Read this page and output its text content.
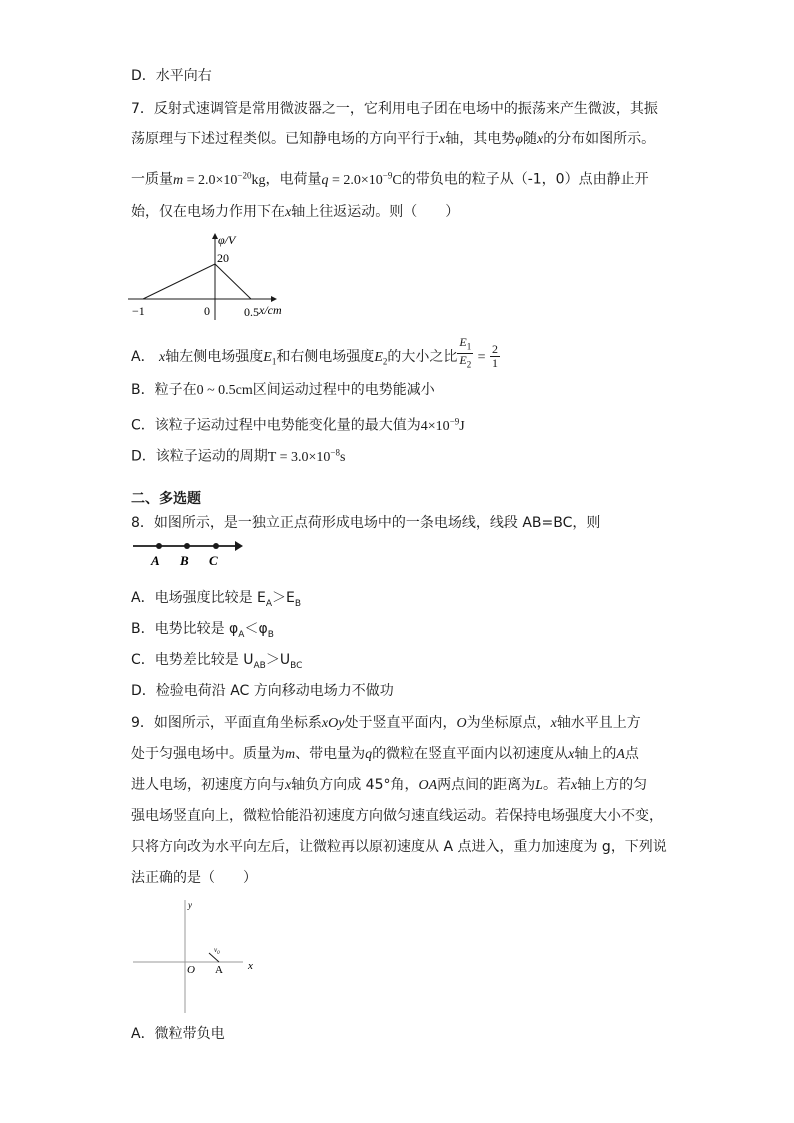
D．水平向右
7．反射式速调管是常用微波器之一，它利用电子团在电场中的振荡来产生微波，其振
荡原理与下述过程类似。已知静电场的方向平行于x轴，其电势φ随x的分布如图所示。
一质量$m = 2.0\times 10^{-20}kg$，电荷量$q = 2.0\times 10^{-9}C$的带负电的粒子从（-1，0）点由静止开
始，仅在电场力作用下在x轴上往返运动。则（　　）
φ/V
20
x/cm
−1	0	0.5
A． x轴左侧电场强度$E_1$和右侧电场强度$E_2$的大小之比 $\frac{E_1}{E_2} = \frac{2}{1}$
B．粒子在0 ~ 0.5cm区间运动过程中的电势能减小
C．该粒子运动过程中电势能变化量的最大值为$4\times 10^{-9}J$
D．该粒子运动的周期$T = 3.0\times 10^{-8}s$
二、多选题
8．如图所示，是一独立正点荷形成电场中的一条电场线，线段 AB=BC，则
A B C
A．电场强度比较是 $E_A>E_B$
B．电势比较是 $\varphi_A<\varphi_B$
C．电势差比较是 $U_{AB}>U_{BC}$
D．检验电荷沿 AC 方向移动电场力不做功
9．如图所示，平面直角坐标系xOy处于竖直平面内，O为坐标原点，x轴水平且上方
处于匀强电场中。质量为m、带电量为q的微粒在竖直平面内以初速度从x轴上的A点
进人电场，初速度方向与x轴负方向成 45°角，OA两点间的距离为L。若x轴上方的匀
强电场竖直向上，微粒恰能沿初速度方向做匀速直线运动。若保持电场强度大小不变，
只将方向改为水平向左后，让微粒再以原初速度从 A 点进入，重力加速度为 g，下列说
法正确的是（　　）
y
x
O A
$v_0$
A．微粒带负电
